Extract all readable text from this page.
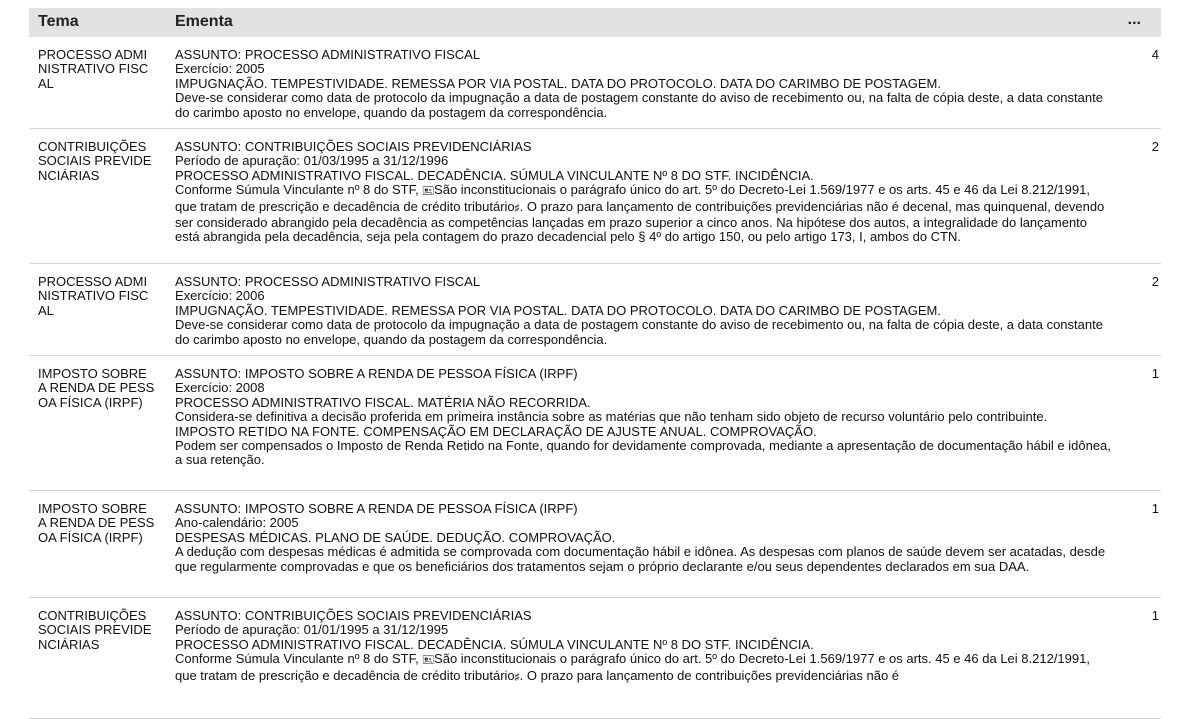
Tema	Ementa	...
PROCESSO ADMINISTRATIVO FISCAL
ASSUNTO: PROCESSO ADMINISTRATIVO FISCAL
Exercício: 2005
IMPUGNAÇÃO. TEMPESTIVIDADE. REMESSA POR VIA POSTAL. DATA DO PROTOCOLO. DATA DO CARIMBO DE POSTAGEM.
Deve-se considerar como data de protocolo da impugnação a data de postagem constante do aviso de recebimento ou, na falta de cópia deste, a data constante do carimbo aposto no envelope, quando da postagem da correspondência.
4
CONTRIBUIÇÕES SOCIAIS PREVIDENCIÁRIAS
ASSUNTO: CONTRIBUIÇÕES SOCIAIS PREVIDENCIÁRIAS
Período de apuração: 01/03/1995 a 31/12/1996
PROCESSO ADMINISTRATIVO FISCAL. DECADÊNCIA. SÚMULA VINCULANTE Nº 8 DO STF. INCIDÊNCIA.
Conforme Súmula Vinculante nº 8 do STF, 🖭São inconstitucionais o parágrafo único do art. 5º do Decreto-Lei 1.569/1977 e os arts. 45 e 46 da Lei 8.212/1991, que tratam de prescrição e decadência de crédito tributário♯. O prazo para lançamento de contribuições previdenciárias não é decenal, mas quinquenal, devendo ser considerado abrangido pela decadência as competências lançadas em prazo superior a cinco anos. Na hipótese dos autos, a integralidade do lançamento está abrangida pela decadência, seja pela contagem do prazo decadencial pelo § 4º do artigo 150, ou pelo artigo 173, I, ambos do CTN.
2
PROCESSO ADMINISTRATIVO FISCAL
ASSUNTO: PROCESSO ADMINISTRATIVO FISCAL
Exercício: 2006
IMPUGNAÇÃO. TEMPESTIVIDADE. REMESSA POR VIA POSTAL. DATA DO PROTOCOLO. DATA DO CARIMBO DE POSTAGEM.
Deve-se considerar como data de protocolo da impugnação a data de postagem constante do aviso de recebimento ou, na falta de cópia deste, a data constante do carimbo aposto no envelope, quando da postagem da correspondência.
2
IMPOSTO SOBRE A RENDA DE PESSOA FÍSICA (IRPF)
ASSUNTO: IMPOSTO SOBRE A RENDA DE PESSOA FÍSICA (IRPF)
Exercício: 2008
PROCESSO ADMINISTRATIVO FISCAL. MATÉRIA NÃO RECORRIDA.
Considera-se definitiva a decisão proferida em primeira instância sobre as matérias que não tenham sido objeto de recurso voluntário pelo contribuinte.
IMPOSTO RETIDO NA FONTE. COMPENSAÇÃO EM DECLARAÇÃO DE AJUSTE ANUAL. COMPROVAÇÃO.
Podem ser compensados o Imposto de Renda Retido na Fonte, quando for devidamente comprovada, mediante a apresentação de documentação hábil e idônea, a sua retenção.
1
IMPOSTO SOBRE A RENDA DE PESSOA FÍSICA (IRPF)
ASSUNTO: IMPOSTO SOBRE A RENDA DE PESSOA FÍSICA (IRPF)
Ano-calendário: 2005
DESPESAS MÉDICAS. PLANO DE SAÚDE. DEDUÇÃO. COMPROVAÇÃO.
A dedução com despesas médicas é admitida se comprovada com documentação hábil e idônea. As despesas com planos de saúde devem ser acatadas, desde que regularmente comprovadas e que os beneficiários dos tratamentos sejam o próprio declarante e/ou seus dependentes declarados em sua DAA.
1
CONTRIBUIÇÕES SOCIAIS PREVIDENCIÁRIAS
ASSUNTO: CONTRIBUIÇÕES SOCIAIS PREVIDENCIÁRIAS
Período de apuração: 01/01/1995 a 31/12/1995
PROCESSO ADMINISTRATIVO FISCAL. DECADÊNCIA. SÚMULA VINCULANTE Nº 8 DO STF. INCIDÊNCIA.
Conforme Súmula Vinculante nº 8 do STF, 🖭São inconstitucionais o parágrafo único do art. 5º do Decreto-Lei 1.569/1977 e os arts. 45 e 46 da Lei 8.212/1991, que tratam de prescrição e decadência de crédito tributário♯. O prazo para lançamento de contribuições previdenciárias não é
1
